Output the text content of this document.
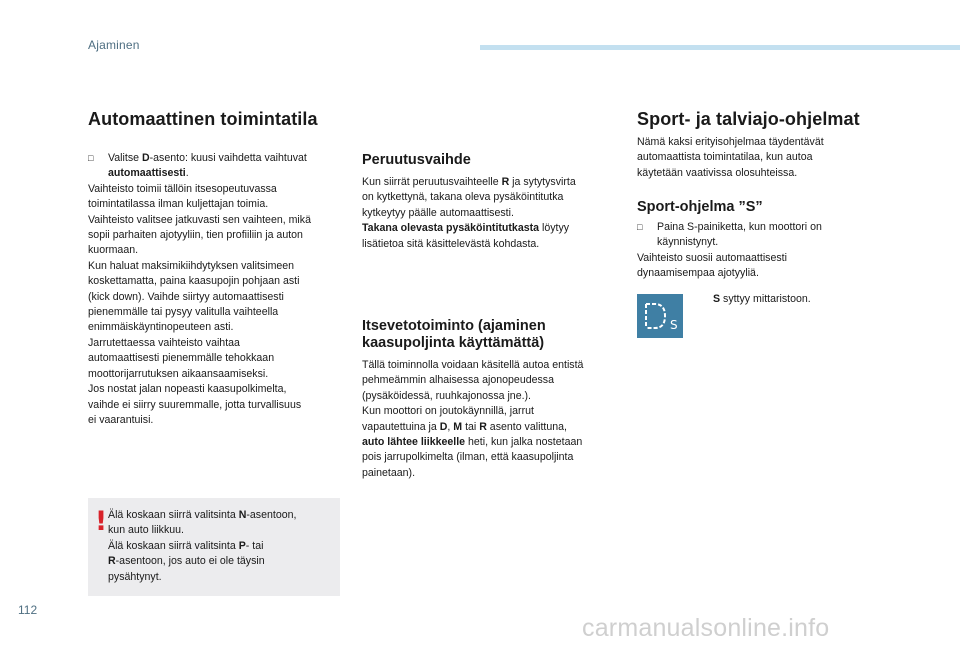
Ajaminen
Automaattinen toimintatila
□ Valitse D-asento: kuusi vaihdetta vaihtuvat
automaattisesti.

Vaihteisto toimii tällöin itsesopeutuvassa

toimintatilassa ilman kuljettajan toimia.

Vaihteisto valitsee jatkuvasti sen vaihteen, mikä

sopii parhaiten ajotyyliin, tien profiiliin ja auton

kuormaan.

Kun haluat maksimikiihdytyksen valitsimeen

koskettamatta, paina kaasupojin pohjaan asti

(kick down). Vaihde siirtyy automaattisesti

pienemmälle tai pysyy valitulla vaihteella

enimmäiskäyntinopeuteen asti.

Jarrutettaessa vaihteisto vaihtaa

automaattisesti pienemmälle tehokkaan

moottorijarrutuksen aikaansaamiseksi.

Jos nostat jalan nopeasti kaasupolkimelta,

vaihde ei siirry suuremmalle, jotta turvallisuus

ei vaarantuisi.

! Älä koskaan siirrä valitsinta N-asentoon,

kun auto liikkuu.

Älä koskaan siirrä valitsinta P- tai

R-asentoon, jos auto ei ole täysin

pysähtynyt.

Peruutusvaihde

Kun siirrät peruutusvaihteelle R ja sytytysvirta

on kytkettynä, takana oleva pysäköintitutka

kytkeytyy päälle automaattisesti.

Takana olevasta pysäköintitutkasta löytyy

lisätietoa sitä käsittelevästä kohdasta.

Itsevetotoiminto (ajaminen
kaasupoljinta käyttämättä)

Tällä toiminnolla voidaan käsitellä autoa entistä

pehmeämmin alhaisessa ajonopeudessa

(pysäköidessä, ruuhkajonossa jne.).

Kun moottori on joutokäynnillä, jarrut

vapautettuina ja D, M tai R asento valittuna,

auto lähtee liikkeelle heti, kun jalka nostetaan

pois jarrupolkimelta (ilman, että kaasupoljinta

painetaan).

Sport- ja talviajo-ohjelmat

Nämä kaksi erityisohjelmaa täydentävät

automaattista toimintatilaa, kun autoa

käytetään vaativissa olosuhteissa.

Sport-ohjelma ”S”
□ Paina S-painiketta, kun moottori on
käynnistynyt.

Vaihteisto suosii automaattisesti

dynaamisempaa ajotyyliä.

S

S syttyy mittaristoon.

112
carmanualsonline.info
